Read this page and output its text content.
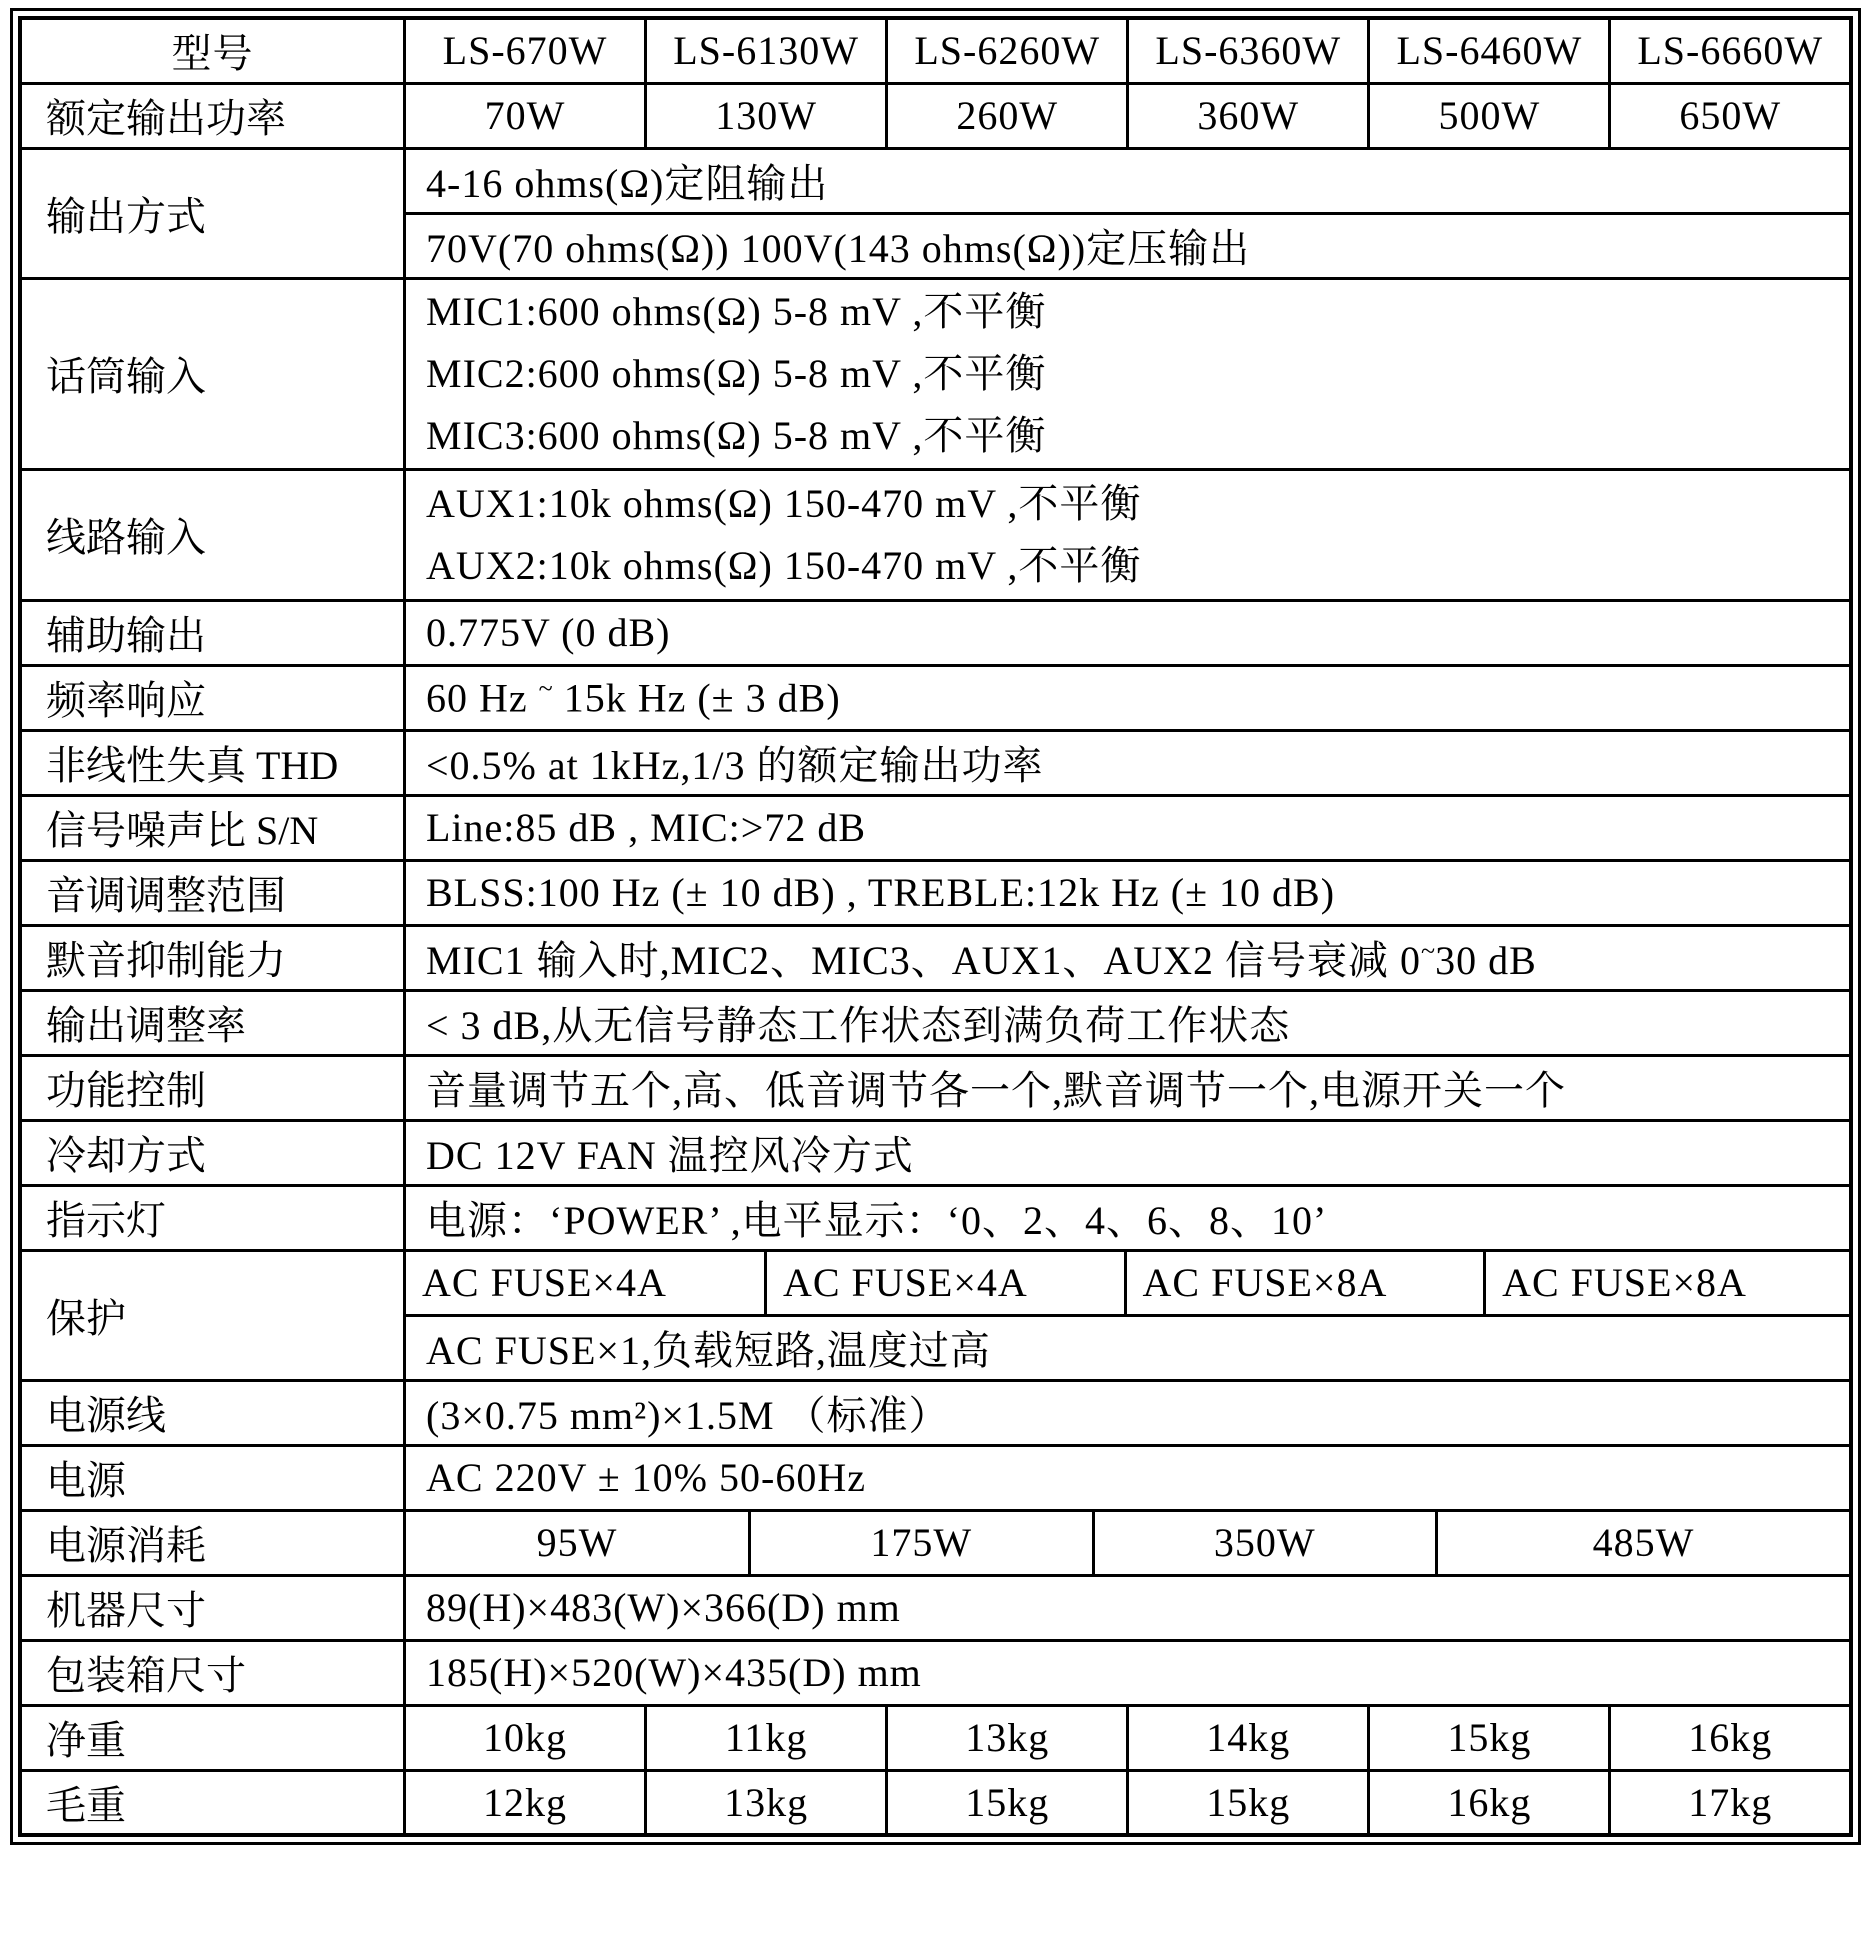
型号	LS-670W	LS-6130W	LS-6260W	LS-6360W	LS-6460W	LS-6660W
额定输出功率	70W	130W	260W	360W	500W	650W
输出方式	4-16 ohms(Ω)定阻输出					
	70V(70 ohms(Ω)) 100V(143 ohms(Ω))定压输出					
话筒输入	MIC1:600 ohms(Ω) 5-8 mV ,不平衡
MIC2:600 ohms(Ω) 5-8 mV ,不平衡
MIC3:600 ohms(Ω) 5-8 mV ,不平衡					

线路输入	AUX1:10k ohms(Ω) 150-470 mV ,不平衡
AUX2:10k ohms(Ω) 150-470 mV ,不平衡					

辅助输出	0.775V (0 dB)					
频率响应	60 Hz ~ 15k Hz (± 3 dB)					
非线性失真 THD	<0.5% at 1kHz,1/3 的额定输出功率					
信号噪声比 S/N	Line:85 dB , MIC:>72 dB					
音调调整范围	BLSS:100 Hz (± 10 dB) , TREBLE:12k Hz (± 10 dB)					
默音抑制能力	MIC1 输入时,MIC2、MIC3、AUX1、AUX2 信号衰减 0~30 dB					
输出调整率	< 3 dB,从无信号静态工作状态到满负荷工作状态					
功能控制	音量调节五个,高、低音调节各一个,默音调节一个,电源开关一个					
冷却方式	DC 12V FAN 温控风冷方式					
指示灯	电源：‘POWER’ ,电平显示：‘0、2、4、6、8、10’					
保护	AC FUSE×4A AC FUSE×4A AC FUSE×8A AC FUSE×8A					

	AC FUSE×1,负载短路,温度过高					
电源线	(3×0.75 mm²)×1.5M （标准）					
电源	AC 220V ± 10% 50-60Hz					
电源消耗	95W 175W 350W 485W					

机器尺寸	89(H)×483(W)×366(D) mm					
包装箱尺寸	185(H)×520(W)×435(D) mm					
净重	10kg	11kg	13kg	14kg	15kg	16kg
毛重	12kg	13kg	15kg	15kg	16kg	17kg
